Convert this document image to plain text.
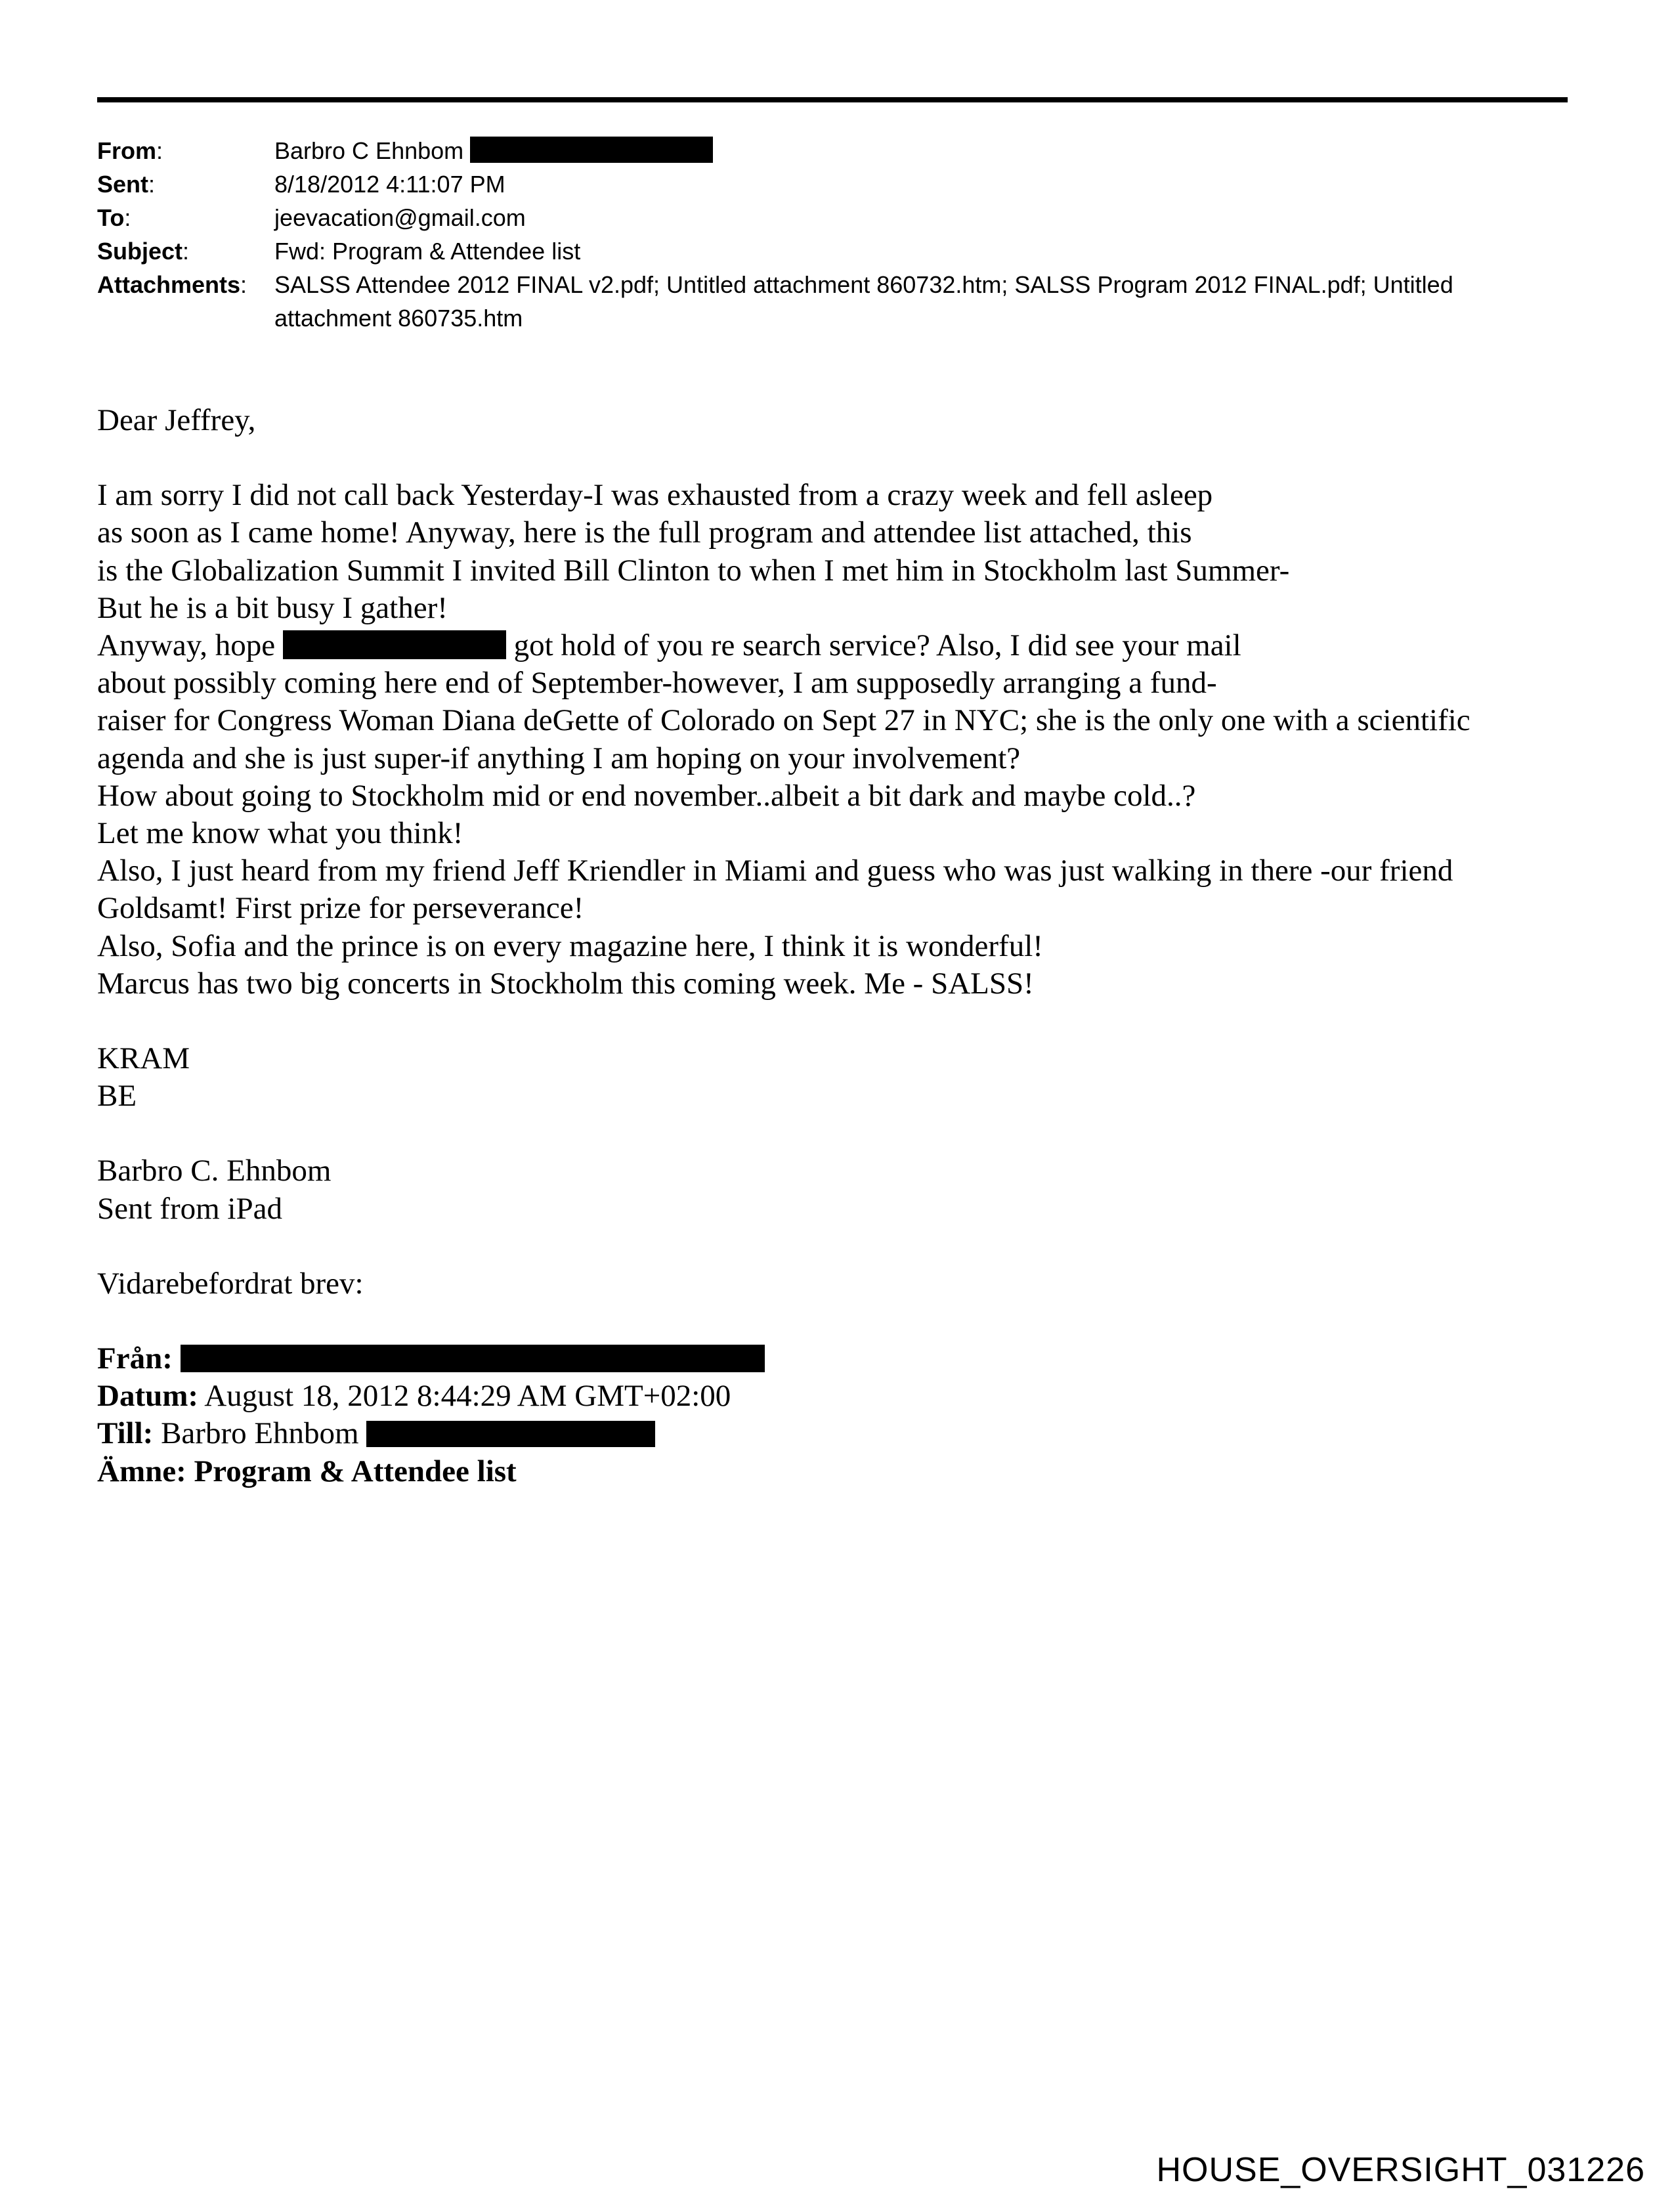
From:	Barbro C Ehnbom
Sent:	8/18/2012 4:11:07 PM
To:	jeevacation@gmail.com
Subject:	Fwd: Program & Attendee list
Attachments:	SALSS Attendee 2012 FINAL v2.pdf; Untitled attachment 860732.htm; SALSS Program 2012 FINAL.pdf; Untitled
attachment 860735.htm

Dear Jeffrey,

I am sorry I did not call back Yesterday-I was exhausted from a crazy week and fell asleep

as soon as I came home! Anyway, here is the full program and attendee list attached, this

is the Globalization Summit I invited Bill Clinton to when I met him in Stockholm last Summer-

But he is a bit busy I gather!

Anyway, hope	got hold of you re search service? Also, I did see your mail

about possibly coming here end of September-however, I am supposedly arranging a fund-

raiser for Congress Woman Diana deGette of Colorado on Sept 27 in NYC; she is the only one with a scientific

agenda and she is just super-if anything I am hoping on your involvement?

How about going to Stockholm mid or end november..albeit a bit dark and maybe cold..?

Let me know what you think!

Also, I just heard from my friend Jeff Kriendler in Miami and guess who was just walking in there -our friend

Goldsamt! First prize for perseverance!

Also, Sofia and the prince is on every magazine here, I think it is wonderful!

Marcus has two big concerts in Stockholm this coming week. Me - SALSS!

KRAM

BE

Barbro C. Ehnbom

Sent from iPad

Vidarebefordrat brev:

Från:

Datum: August 18, 2012 8:44:29 AM GMT+02:00

Till: Barbro Ehnbom

Ämne: Program & Attendee list

HOUSE_OVERSIGHT_031226
